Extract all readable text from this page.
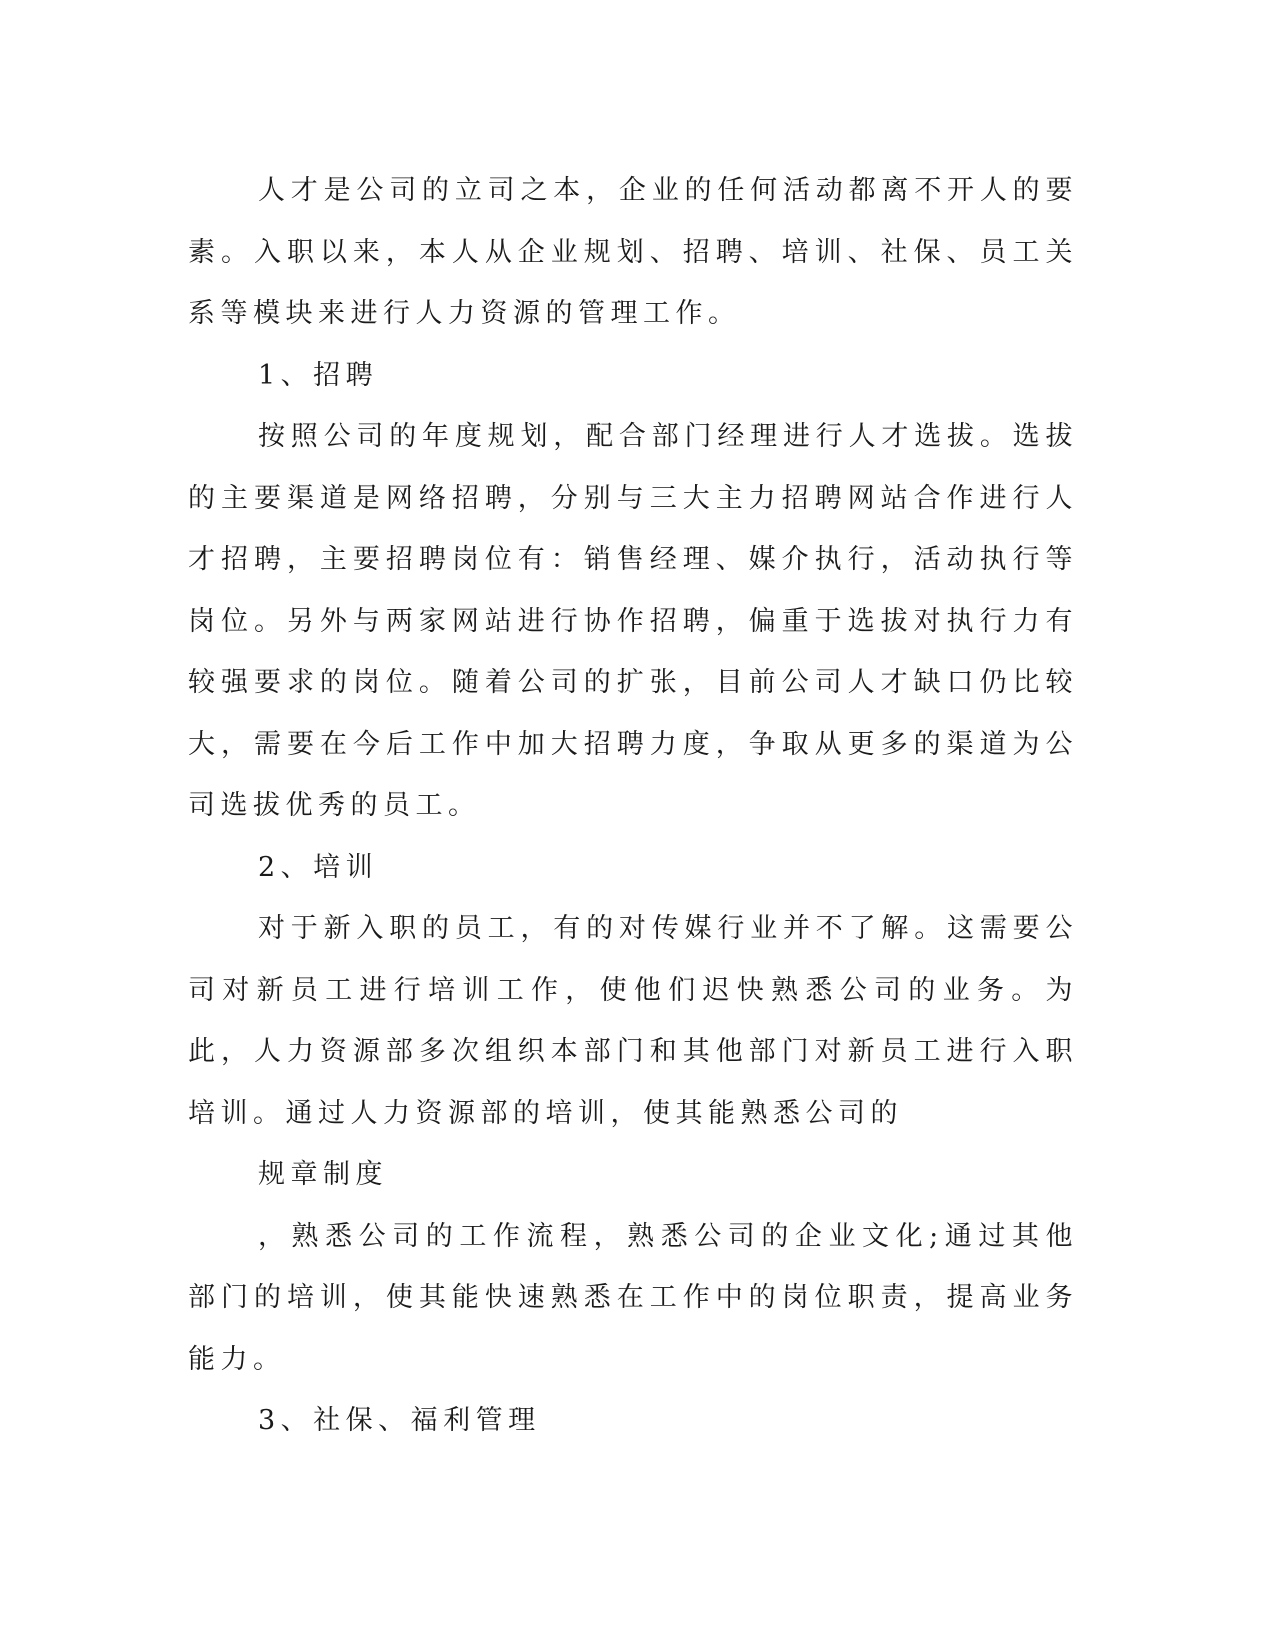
人才是公司的立司之本，企业的任何活动都离不开人的要素。入职以来，本人从企业规划、招聘、培训、社保、员工关系等模块来进行人力资源的管理工作。

1、招聘

按照公司的年度规划，配合部门经理进行人才选拔。选拔的主要渠道是网络招聘，分别与三大主力招聘网站合作进行人才招聘，主要招聘岗位有：销售经理、媒介执行，活动执行等岗位。另外与两家网站进行协作招聘，偏重于选拔对执行力有较强要求的岗位。随着公司的扩张，目前公司人才缺口仍比较大，需要在今后工作中加大招聘力度，争取从更多的渠道为公司选拔优秀的员工。

2、培训

对于新入职的员工，有的对传媒行业并不了解。这需要公司对新员工进行培训工作，使他们迟快熟悉公司的业务。为此，人力资源部多次组织本部门和其他部门对新员工进行入职培训。通过人力资源部的培训，使其能熟悉公司的

规章制度

，熟悉公司的工作流程，熟悉公司的企业文化;通过其他部门的培训，使其能快速熟悉在工作中的岗位职责，提高业务能力。

3、社保、福利管理
